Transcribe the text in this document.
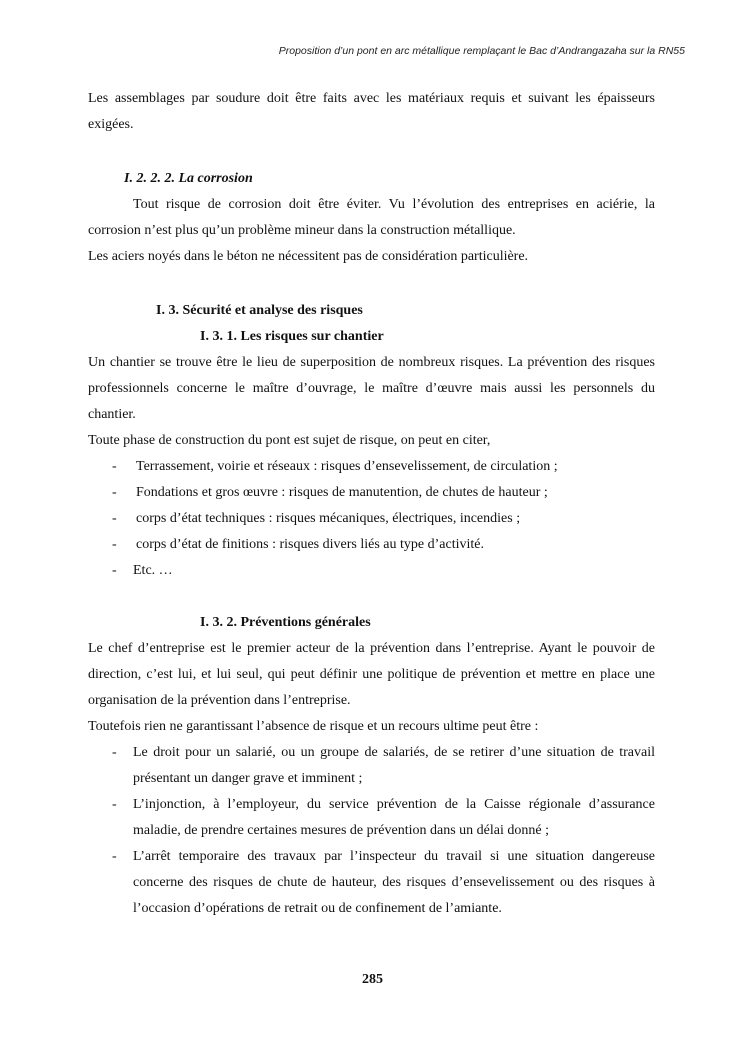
Proposition d’un pont en arc métallique remplaçant le Bac d’Andrangazaha sur la RN55

Les assemblages par soudure doit être faits avec les matériaux requis et suivant les épaisseurs exigées.

I. 2. 2. 2. La corrosion

Tout risque de corrosion doit être éviter. Vu l’évolution des entreprises en aciérie, la corrosion n’est plus qu’un problème mineur dans la construction métallique.

Les aciers noyés dans le béton ne nécessitent pas de considération particulière.

I. 3. Sécurité et analyse des risques

I. 3. 1. Les risques sur chantier

Un chantier se trouve être le lieu de superposition de nombreux risques. La prévention des risques professionnels concerne le maître d’ouvrage, le maître d’œuvre mais aussi les personnels du chantier.

Toute phase de construction du pont est sujet de risque, on peut en citer,

- Terrassement, voirie et réseaux : risques d’ensevelissement, de circulation ;
- Fondations et gros œuvre : risques de manutention, de chutes de hauteur ;
- corps d’état techniques : risques mécaniques, électriques, incendies ;
- corps d’état de finitions : risques divers liés au type d’activité.
- Etc. …

I. 3. 2. Préventions générales

Le chef d’entreprise est le premier acteur de la prévention dans l’entreprise. Ayant le pouvoir de direction, c’est lui, et lui seul, qui peut définir une politique de prévention et mettre en place une organisation de la prévention dans l’entreprise.

Toutefois rien ne garantissant l’absence de risque et un recours ultime peut être :

- Le droit pour un salarié, ou un groupe de salariés, de se retirer d’une situation de travail présentant un danger grave et imminent ;
- L’injonction, à l’employeur, du service prévention de la Caisse régionale d’assurance maladie, de prendre certaines mesures de prévention dans un délai donné ;
- L’arrêt temporaire des travaux par l’inspecteur du travail si une situation dangereuse concerne des risques de chute de hauteur, des risques d’ensevelissement ou des risques à l’occasion d’opérations de retrait ou de confinement de l’amiante.
285
